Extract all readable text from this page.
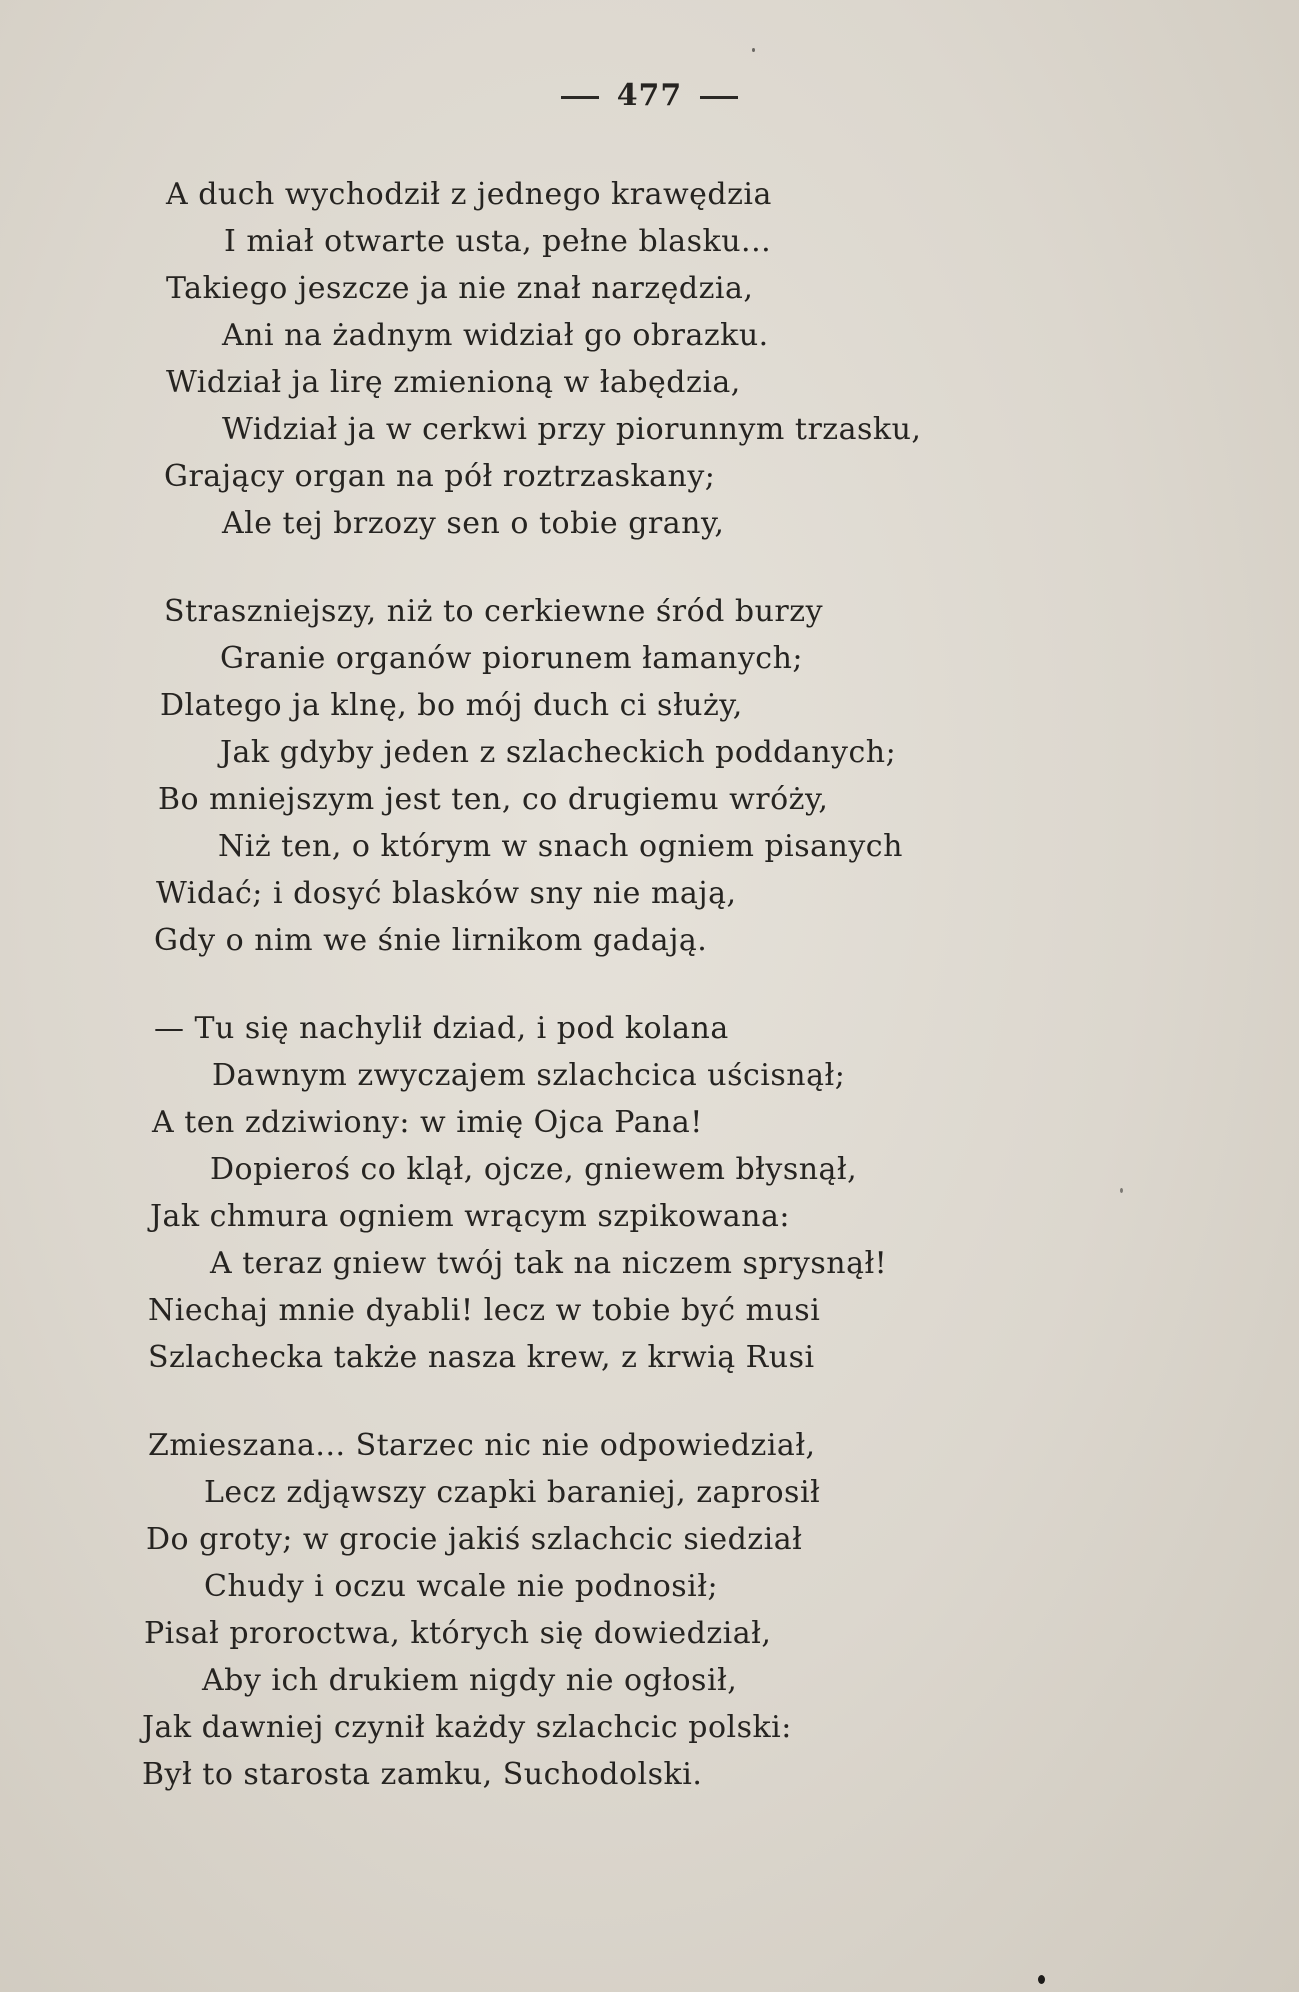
477
A duch wychodził z jednego krawędzia
I miał otwarte usta, pełne blasku...
Takiego jeszcze ja nie znał narzędzia,
Ani na żadnym widział go obrazku.
Widział ja lirę zmienioną w łabędzia,
Widział ja w cerkwi przy piorunnym trzasku,
Grający organ na pół roztrzaskany;
Ale tej brzozy sen o tobie grany,
Straszniejszy, niż to cerkiewne śród burzy
Granie organów piorunem łamanych;
Dlatego ja klnę, bo mój duch ci służy,
Jak gdyby jeden z szlacheckich poddanych;
Bo mniejszym jest ten, co drugiemu wróży,
Niż ten, o którym w snach ogniem pisanych
Widać; i dosyć blasków sny nie mają,
Gdy o nim we śnie lirnikom gadają.
— Tu się nachylił dziad, i pod kolana
Dawnym zwyczajem szlachcica uścisnął;
A ten zdziwiony: w imię Ojca Pana!
Dopieroś co klął, ojcze, gniewem błysnął,
Jak chmura ogniem wrącym szpikowana:
A teraz gniew twój tak na niczem sprysnął!
Niechaj mnie dyabli! lecz w tobie być musi
Szlachecka także nasza krew, z krwią Rusi
Zmieszana... Starzec nic nie odpowiedział,
Lecz zdjąwszy czapki baraniej, zaprosił
Do groty; w grocie jakiś szlachcic siedział
Chudy i oczu wcale nie podnosił;
Pisał proroctwa, których się dowiedział,
Aby ich drukiem nigdy nie ogłosił,
Jak dawniej czynił każdy szlachcic polski:
Był to starosta zamku, Suchodolski.
